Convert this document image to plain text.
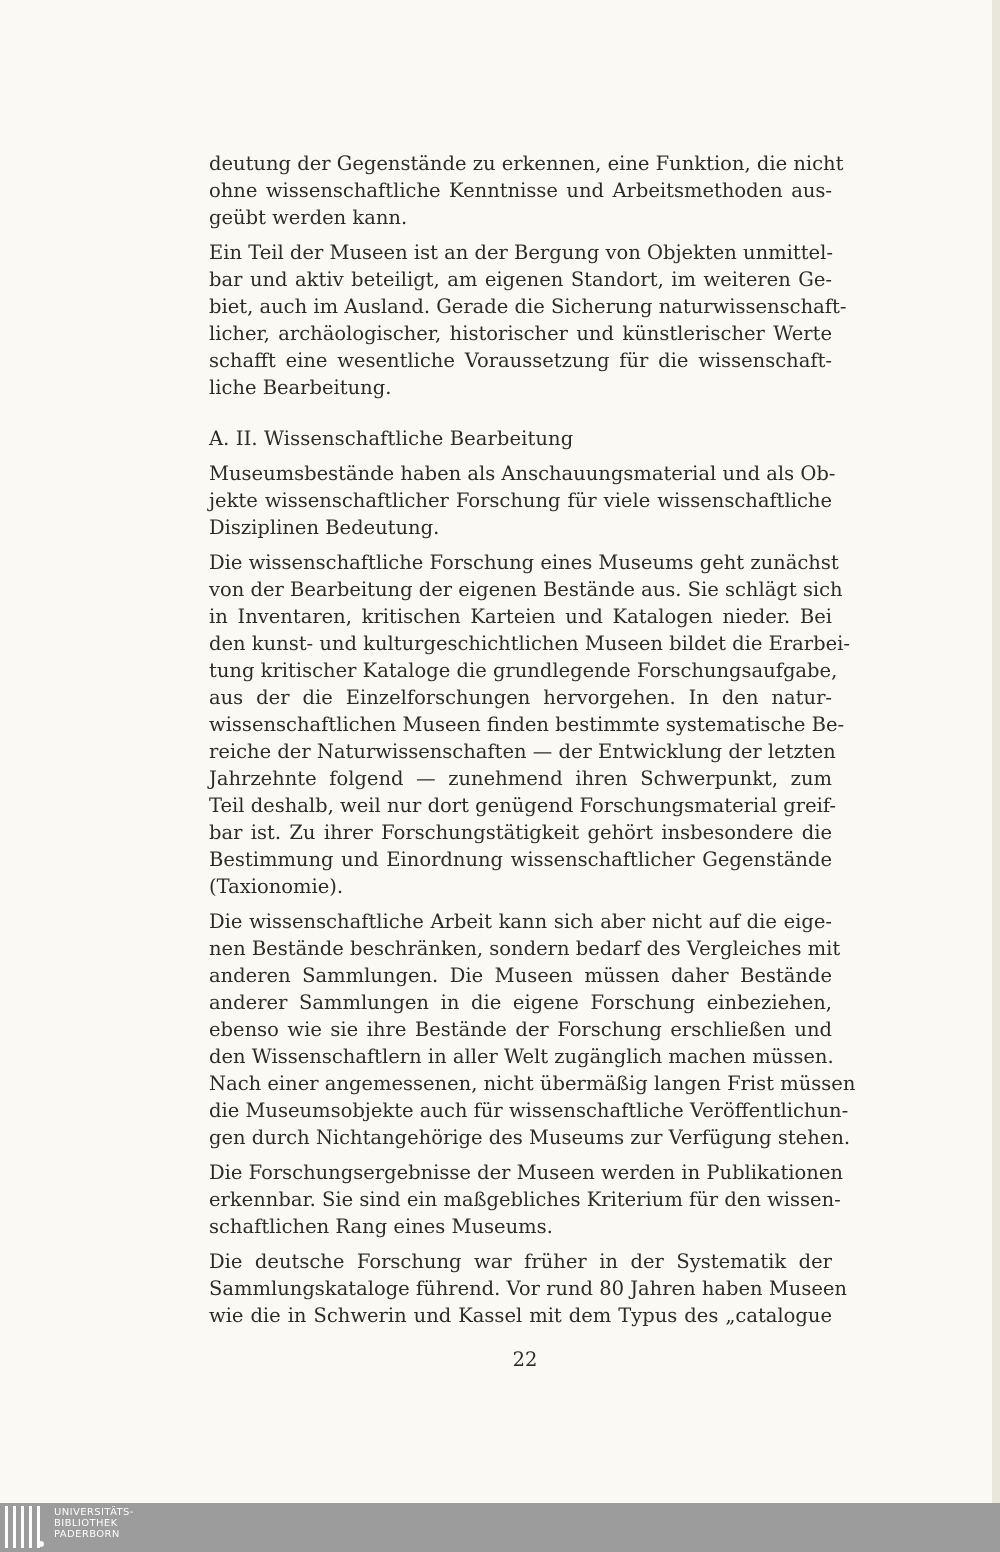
deutung der Gegenstände zu erkennen, eine Funktion, die nicht
ohne wissenschaftliche Kenntnisse und Arbeitsmethoden aus-
geübt werden kann.
Ein Teil der Museen ist an der Bergung von Objekten unmittel-
bar und aktiv beteiligt, am eigenen Standort, im weiteren Ge-
biet, auch im Ausland. Gerade die Sicherung naturwissenschaft-
licher, archäologischer, historischer und künstlerischer Werte
schafft eine wesentliche Voraussetzung für die wissenschaft-
liche Bearbeitung.
A. II. Wissenschaftliche Bearbeitung
Museumsbestände haben als Anschauungsmaterial und als Ob-
jekte wissenschaftlicher Forschung für viele wissenschaftliche
Disziplinen Bedeutung.
Die wissenschaftliche Forschung eines Museums geht zunächst
von der Bearbeitung der eigenen Bestände aus. Sie schlägt sich
in Inventaren, kritischen Karteien und Katalogen nieder. Bei
den kunst- und kulturgeschichtlichen Museen bildet die Erarbei-
tung kritischer Kataloge die grundlegende Forschungsaufgabe,
aus der die Einzelforschungen hervorgehen. In den natur-
wissenschaftlichen Museen finden bestimmte systematische Be-
reiche der Naturwissenschaften — der Entwicklung der letzten
Jahrzehnte folgend — zunehmend ihren Schwerpunkt, zum
Teil deshalb, weil nur dort genügend Forschungsmaterial greif-
bar ist. Zu ihrer Forschungstätigkeit gehört insbesondere die
Bestimmung und Einordnung wissenschaftlicher Gegenstände
(Taxionomie).
Die wissenschaftliche Arbeit kann sich aber nicht auf die eige-
nen Bestände beschränken, sondern bedarf des Vergleiches mit
anderen Sammlungen. Die Museen müssen daher Bestände
anderer Sammlungen in die eigene Forschung einbeziehen,
ebenso wie sie ihre Bestände der Forschung erschließen und
den Wissenschaftlern in aller Welt zugänglich machen müssen.
Nach einer angemessenen, nicht übermäßig langen Frist müssen
die Museumsobjekte auch für wissenschaftliche Veröffentlichun-
gen durch Nichtangehörige des Museums zur Verfügung stehen.
Die Forschungsergebnisse der Museen werden in Publikationen
erkennbar. Sie sind ein maßgebliches Kriterium für den wissen-
schaftlichen Rang eines Museums.
Die deutsche Forschung war früher in der Systematik der
Sammlungskataloge führend. Vor rund 80 Jahren haben Museen
wie die in Schwerin und Kassel mit dem Typus des „catalogue
22
UNIVERSITÄTS-
BIBLIOTHEK
PADERBORN
